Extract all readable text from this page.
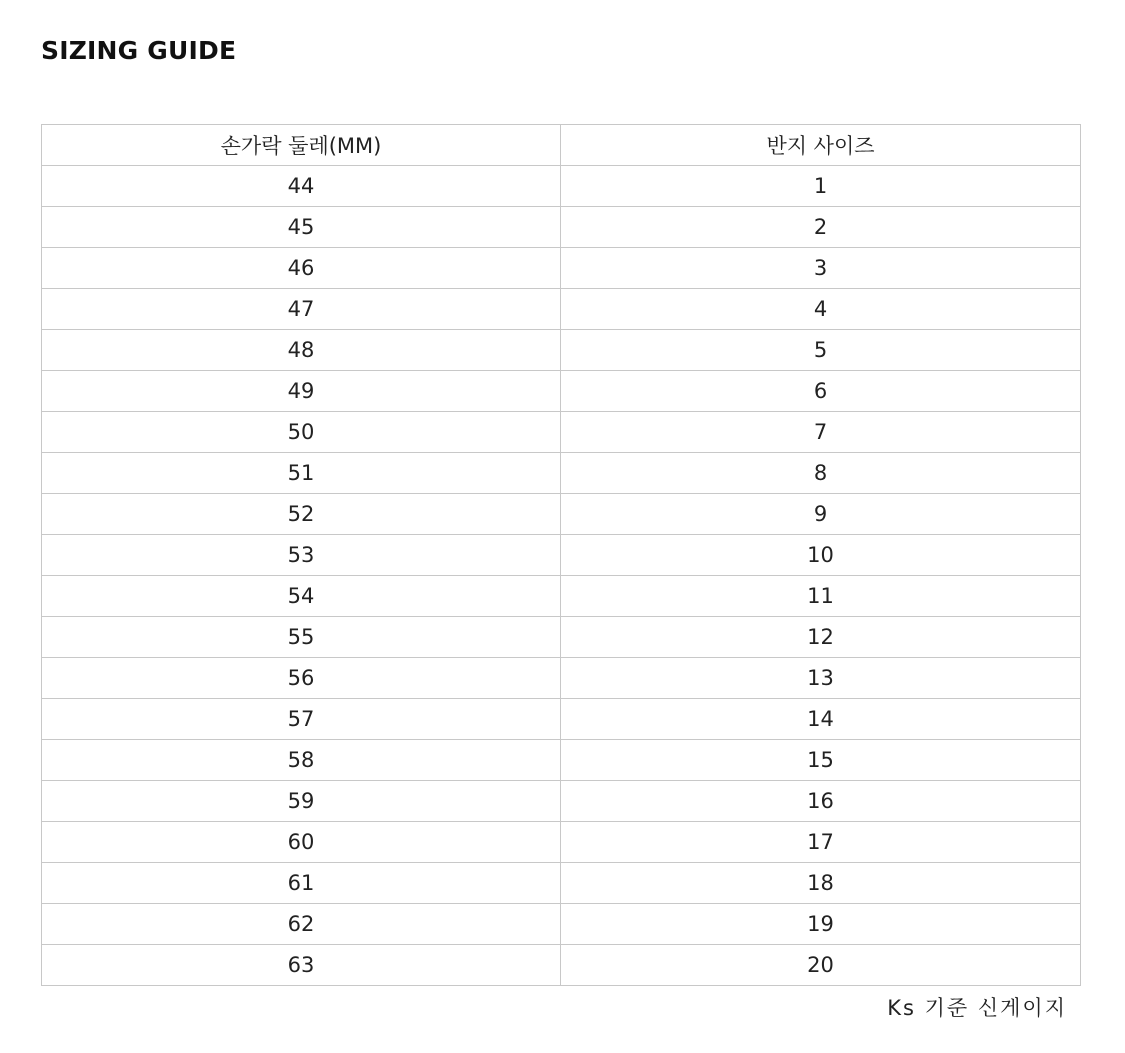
SIZING GUIDE
손가락 둘레(MM)	반지 사이즈
44	1
45	2
46	3
47	4
48	5
49	6
50	7
51	8
52	9
53	10
54	11
55	12
56	13
57	14
58	15
59	16
60	17
61	18
62	19
63	20
Ks 기준 신게이지
